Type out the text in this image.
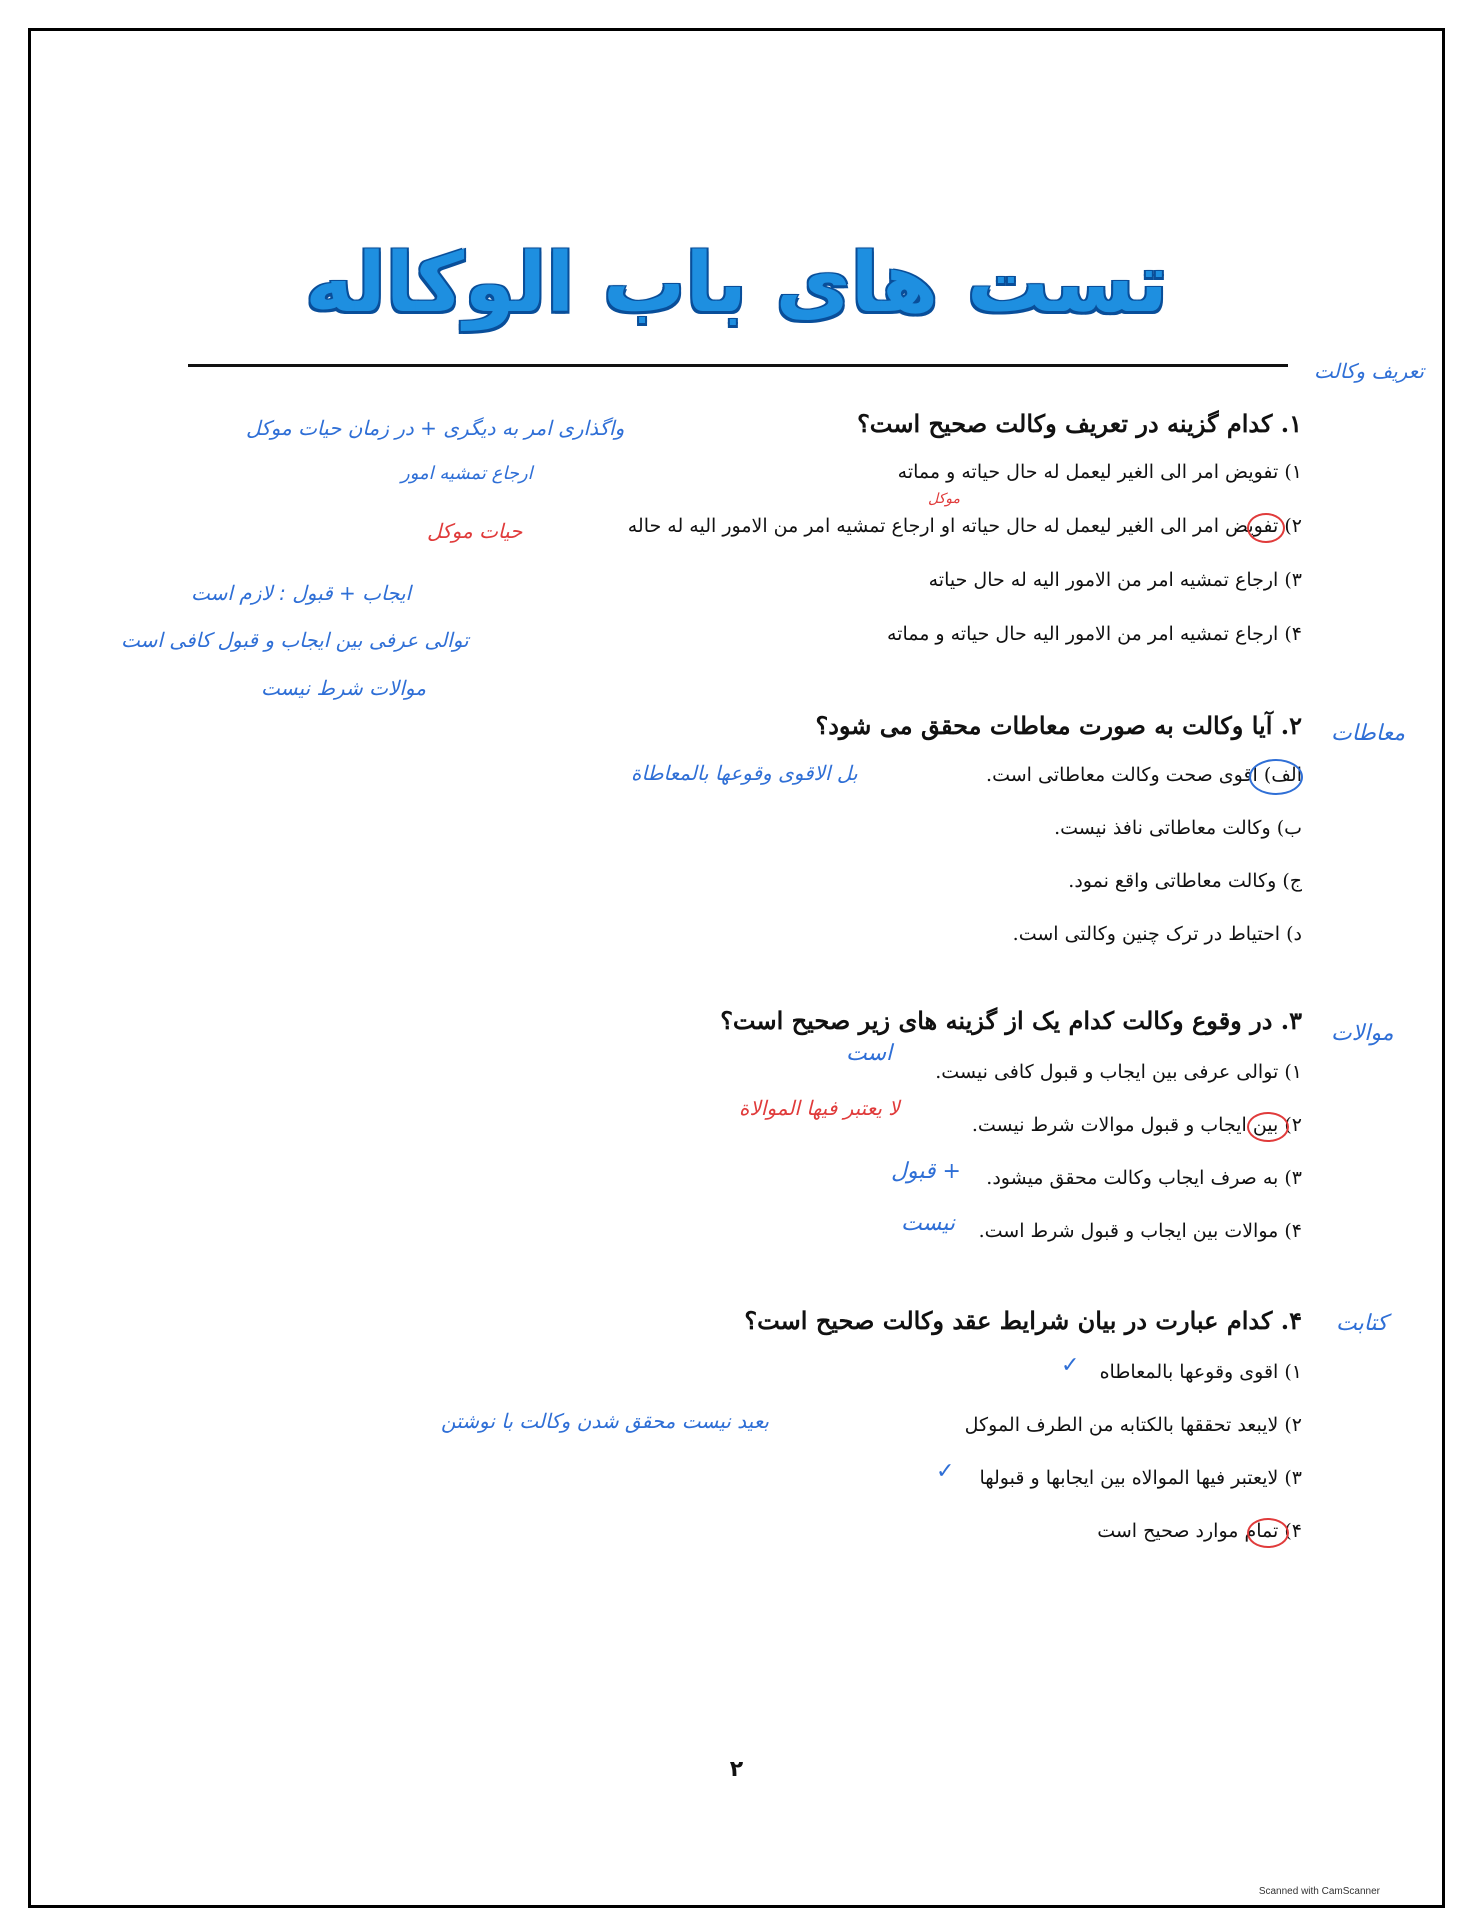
تست های باب الوکاله
تعریف وکالت
معاطات
موالات
کتابت
۱. کدام گزینه در تعریف وکالت صحیح است؟
۱) تفویض امر الی الغیر لیعمل له حال حیاته و مماته
۲) تفویض امر الی الغیر لیعمل له حال حیاته او ارجاع تمشیه امر من الامور الیه له حاله
۳) ارجاع تمشیه امر من الامور الیه له حال حیاته
۴) ارجاع تمشیه امر من الامور الیه حال حیاته و مماته
واگذاری امر به دیگری + در زمان حیات موکل
ارجاع تمشیه امور
حیات موکل
موکل
ایجاب + قبول : لازم است
توالی عرفی بین ایجاب و قبول کافی است
موالات شرط نیست
۲. آیا وکالت به صورت معاطات محقق می شود؟
الف) اقوی صحت وکالت معاطاتی است.
ب) وکالت معاطاتی نافذ نیست.
ج) وکالت معاطاتی واقع نمود.
د) احتیاط در ترک چنین وکالتی است.
بل الاقوی وقوعها بالمعاطاة
۳. در وقوع وکالت کدام یک از گزینه های زیر صحیح است؟
۱) توالی عرفی بین ایجاب و قبول کافی نیست.
۲) بین ایجاب و قبول موالات شرط نیست.
۳) به صرف ایجاب وکالت محقق میشود.
۴) موالات بین ایجاب و قبول شرط است.
است
لا یعتبر فیها الموالاة
+ قبول
نیست
۴. کدام عبارت در بیان شرایط عقد وکالت صحیح است؟
۱) اقوی وقوعها بالمعاطاه
۲) لایبعد تحققها بالکتابه من الطرف الموکل
۳) لایعتبر فیها الموالاه بین ایجابها و قبولها
۴) تمام موارد صحیح است
✓
بعید نیست محقق شدن وکالت با نوشتن
✓
۲
Scanned with CamScanner
